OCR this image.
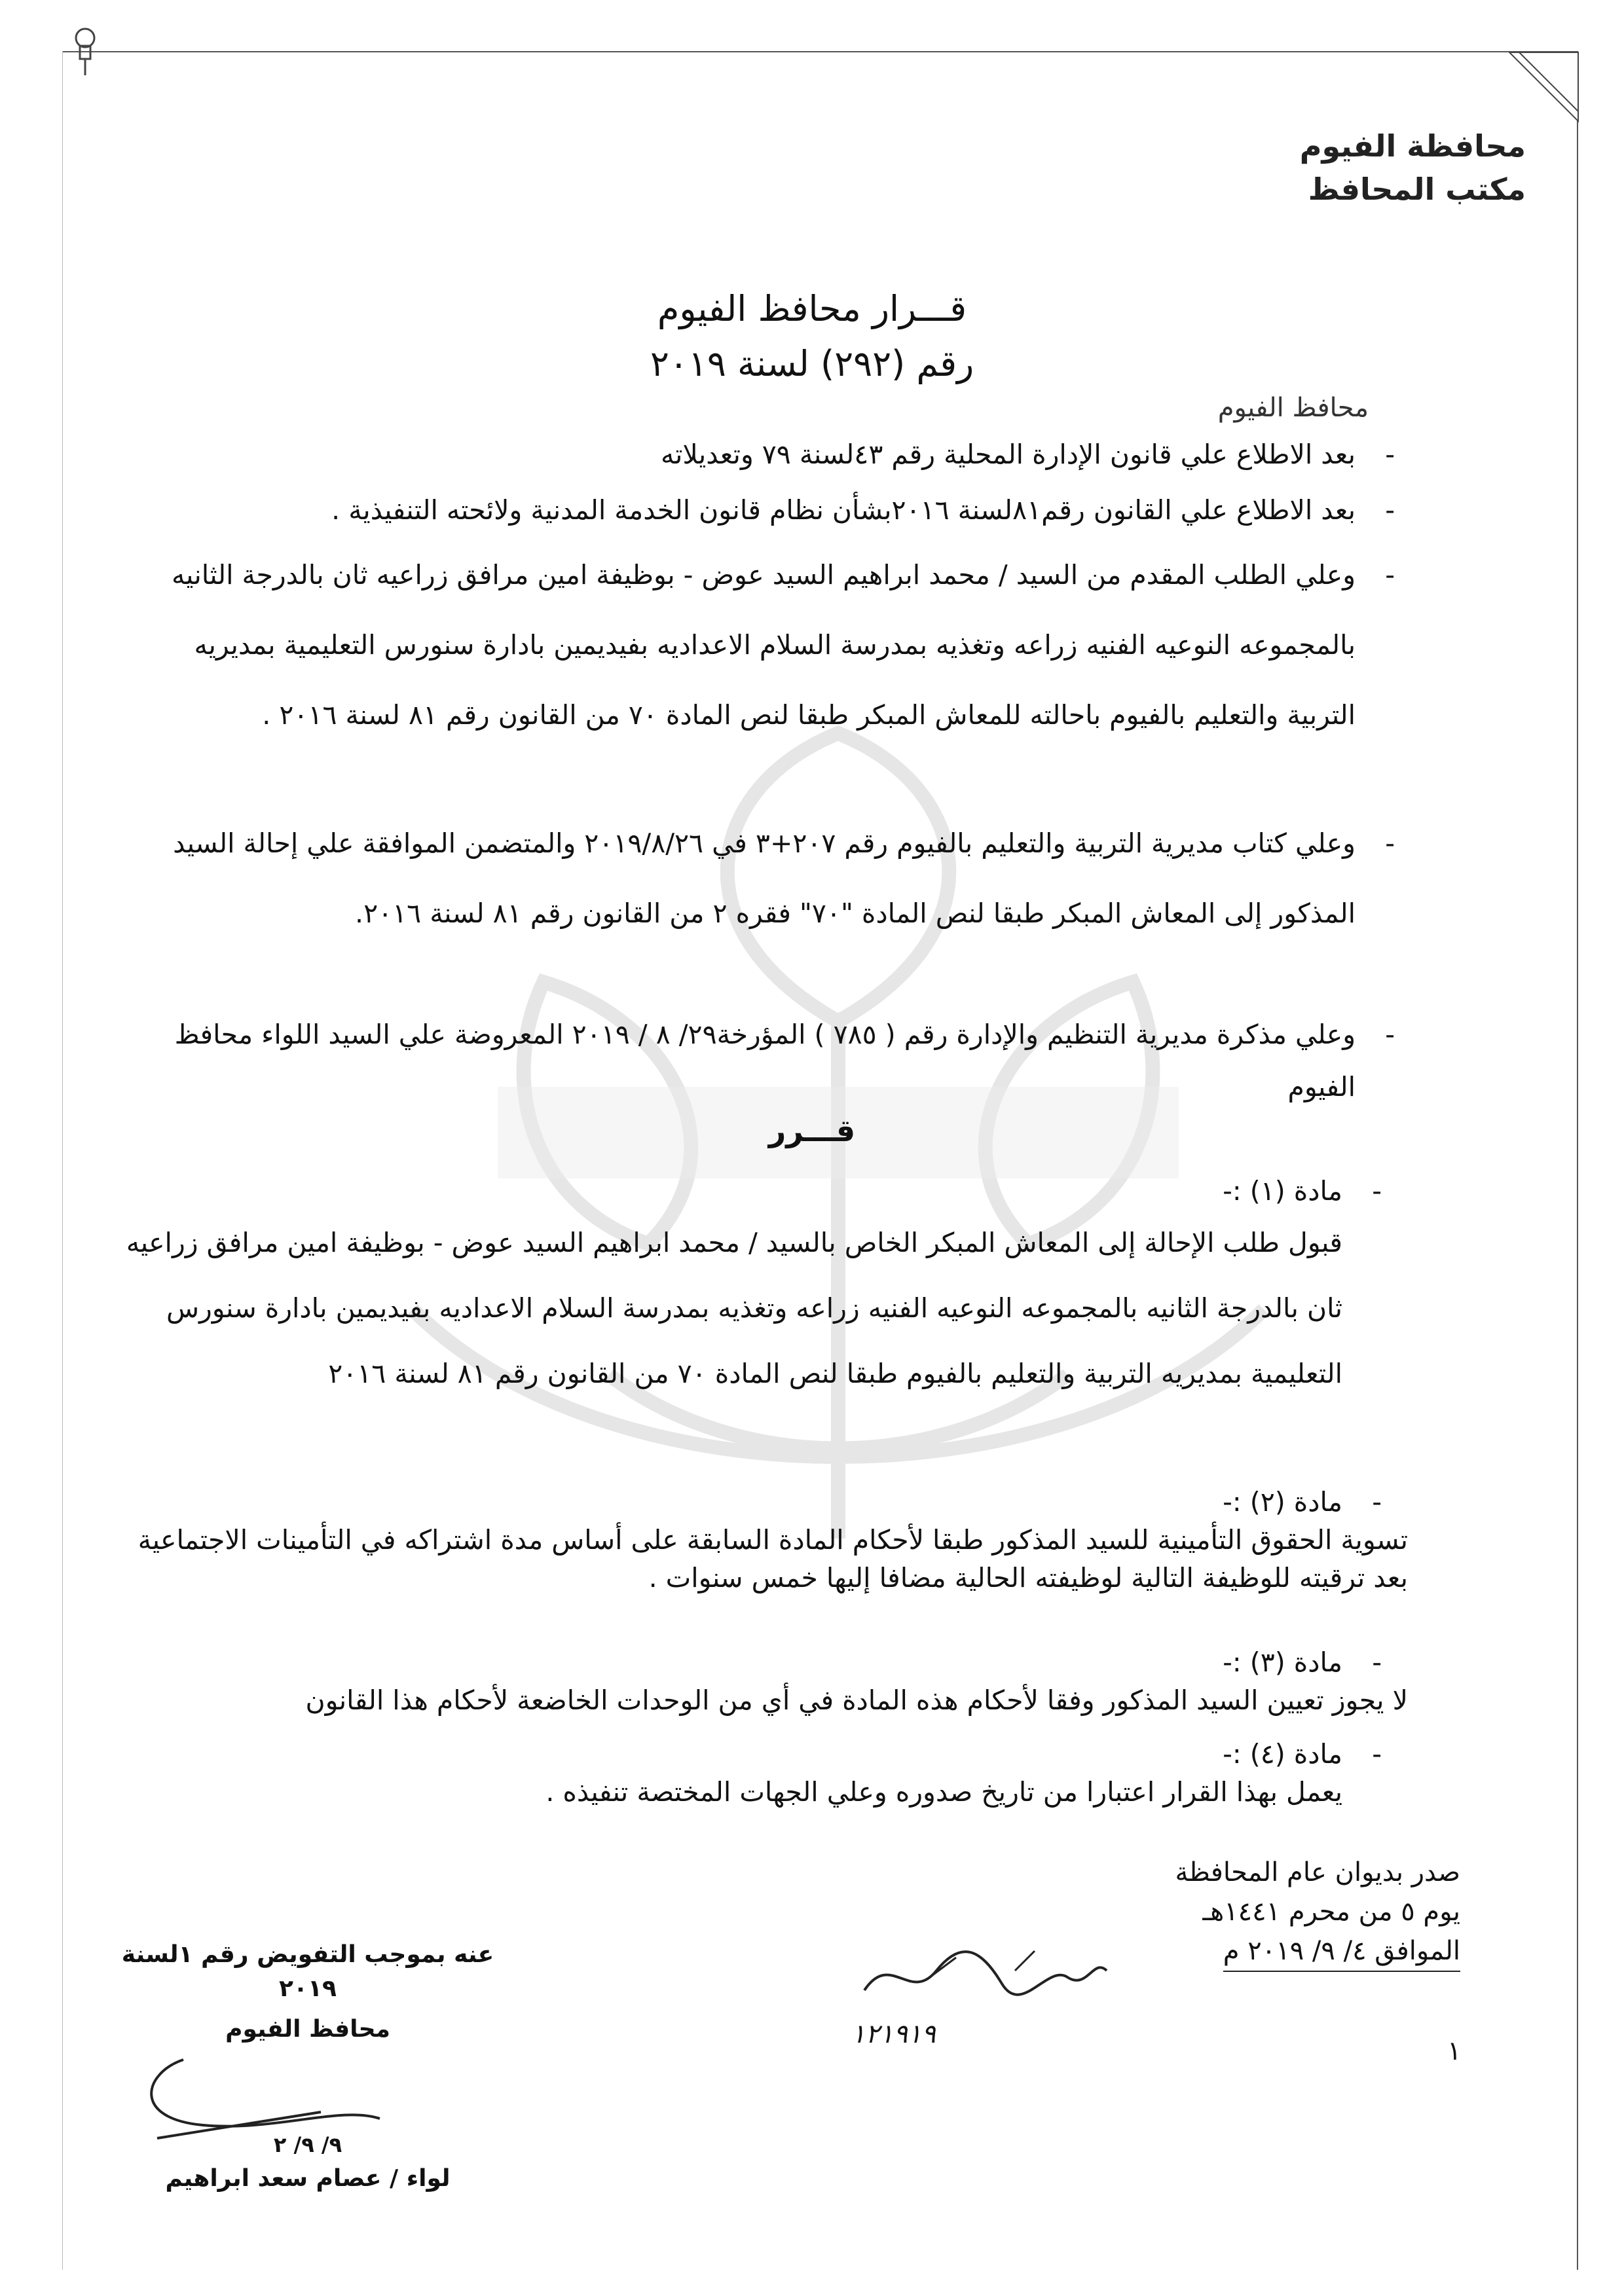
محافظة الفيوم
مكتب المحافظ
قـــرار محافظ الفيوم
رقم (٢٩٢) لسنة ٢٠١٩
محافظ الفيوم
-
بعد الاطلاع علي قانون الإدارة المحلية رقم ٤٣لسنة ٧٩ وتعديلاته
-
بعد الاطلاع علي القانون رقم٨١لسنة ٢٠١٦بشأن نظام قانون الخدمة المدنية ولائحته التنفيذية .
-
وعلي الطلب المقدم من السيد / محمد ابراهيم السيد عوض - بوظيفة امين مرافق زراعيه ثان بالدرجة الثانيه بالمجموعه النوعيه الفنيه زراعه وتغذيه بمدرسة السلام الاعداديه بفيديمين بادارة سنورس التعليمية بمديريه التربية والتعليم بالفيوم باحالته للمعاش المبكر طبقا لنص المادة ٧٠ من القانون رقم ٨١ لسنة ٢٠١٦ .
-
وعلي كتاب مديرية التربية والتعليم بالفيوم رقم ٢٠٧+٣ في ٢٠١٩/٨/٢٦ والمتضمن الموافقة علي إحالة السيد المذكور إلى المعاش المبكر طبقا لنص المادة "٧٠" فقره ٢ من القانون رقم ٨١ لسنة ٢٠١٦.
-
وعلي مذكرة مديرية التنظيم والإدارة رقم ( ٧٨٥ ) المؤرخة٢٩/ ٨ / ٢٠١٩ المعروضة علي السيد اللواء محافظ الفيوم
قـــرر
-
مادة (١) :-
قبول طلب الإحالة إلى المعاش المبكر الخاص بالسيد / محمد ابراهيم السيد عوض - بوظيفة امين مرافق زراعيه ثان بالدرجة الثانيه بالمجموعه النوعيه الفنيه زراعه وتغذيه بمدرسة السلام الاعداديه بفيديمين بادارة سنورس التعليمية بمديريه التربية والتعليم بالفيوم طبقا لنص المادة ٧٠ من القانون رقم ٨١ لسنة ٢٠١٦
-
مادة (٢) :-
تسوية الحقوق التأمينية للسيد المذكور طبقا لأحكام المادة السابقة على أساس مدة اشتراكه في التأمينات الاجتماعية بعد ترقيته للوظيفة التالية لوظيفته الحالية مضافا إليها خمس سنوات .
-
مادة (٣) :-
لا يجوز تعيين السيد المذكور وفقا لأحكام هذه المادة في أي من الوحدات الخاضعة لأحكام هذا القانون
-
مادة (٤) :-
يعمل بهذا القرار اعتبارا من تاريخ صدوره وعلي الجهات المختصة تنفيذه .
صدر بديوان عام المحافظة
يوم ٥ من محرم ١٤٤١هـ
الموافق ٤/ ٩/ ٢٠١٩ م
١٢١٩١٩
عنه بموجب التفويض رقم ١لسنة ٢٠١٩
محافظ الفيوم
٩/ ٩/ ٢
لواء / عصام سعد ابراهيم
١
